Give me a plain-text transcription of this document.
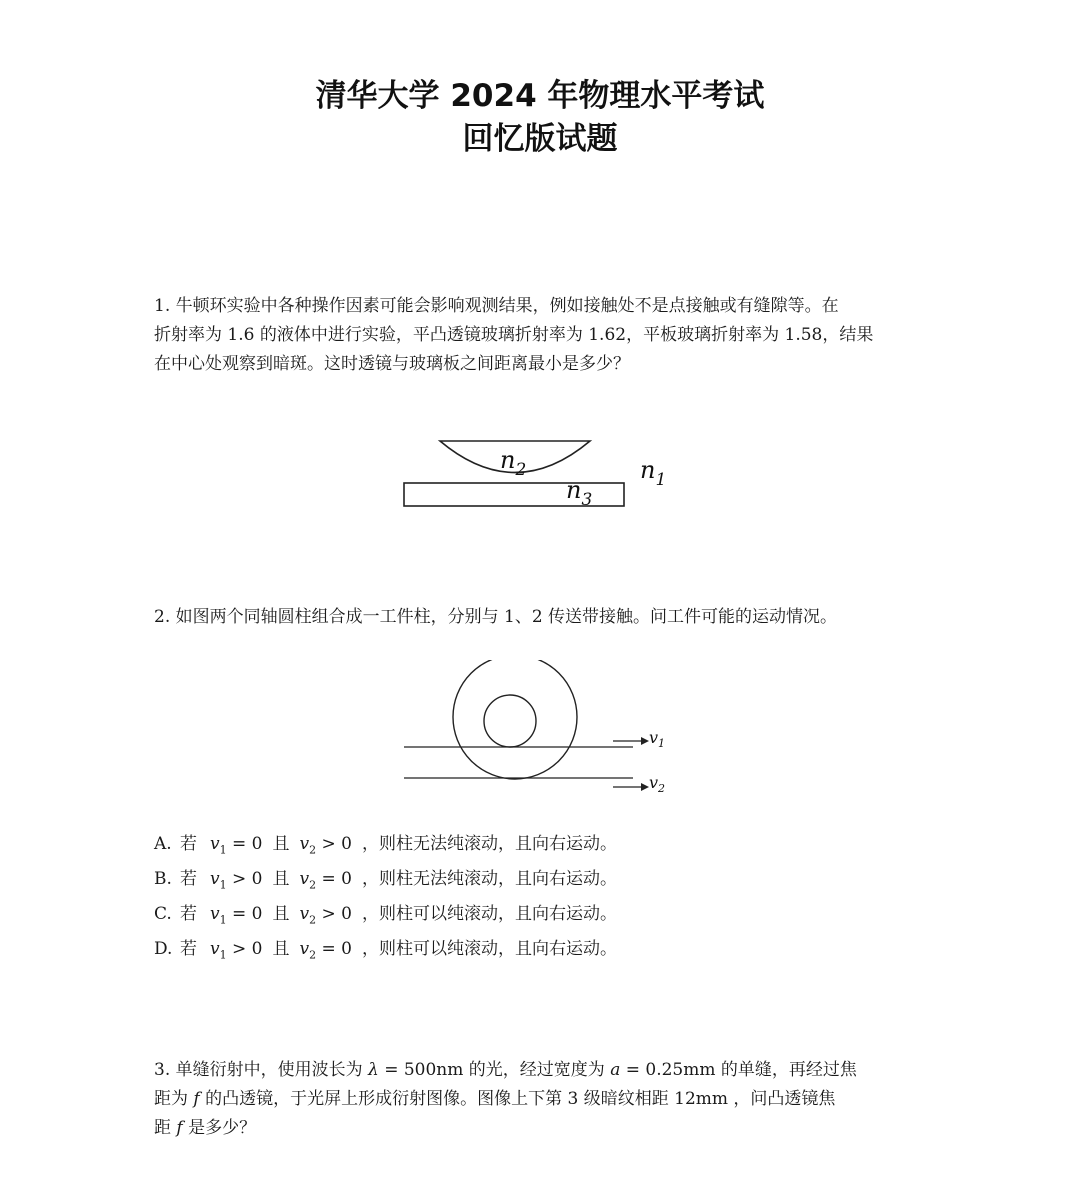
清华大学 2024 年物理水平考试
回忆版试题
1. 牛顿环实验中各种操作因素可能会影响观测结果，例如接触处不是点接触或有缝隙等。在
折射率为 1.6 的液体中进行实验，平凸透镜玻璃折射率为 1.62，平板玻璃折射率为 1.58，结果
在中心处观察到暗斑。这时透镜与玻璃板之间距离最小是多少？
$n_2$
$n_3$
$n_1$
2. 如图两个同轴圆柱组合成一工件柱，分别与 1、2 传送带接触。问工件可能的运动情况。
$v_1$
$v_2$
A. 若 $v_1 = 0$ 且 $v_2 > 0$ ，则柱无法纯滚动，且向右运动。
B. 若 $v_1 > 0$ 且 $v_2 = 0$ ，则柱无法纯滚动，且向右运动。
C. 若 $v_1 = 0$ 且 $v_2 > 0$ ，则柱可以纯滚动，且向右运动。
D. 若 $v_1 > 0$ 且 $v_2 = 0$ ，则柱可以纯滚动，且向右运动。
3. 单缝衍射中，使用波长为 λ = 500nm 的光，经过宽度为 a = 0.25mm 的单缝，再经过焦
距为 f 的凸透镜，于光屏上形成衍射图像。图像上下第 3 级暗纹相距 12mm ，问凸透镜焦
距 f 是多少？
